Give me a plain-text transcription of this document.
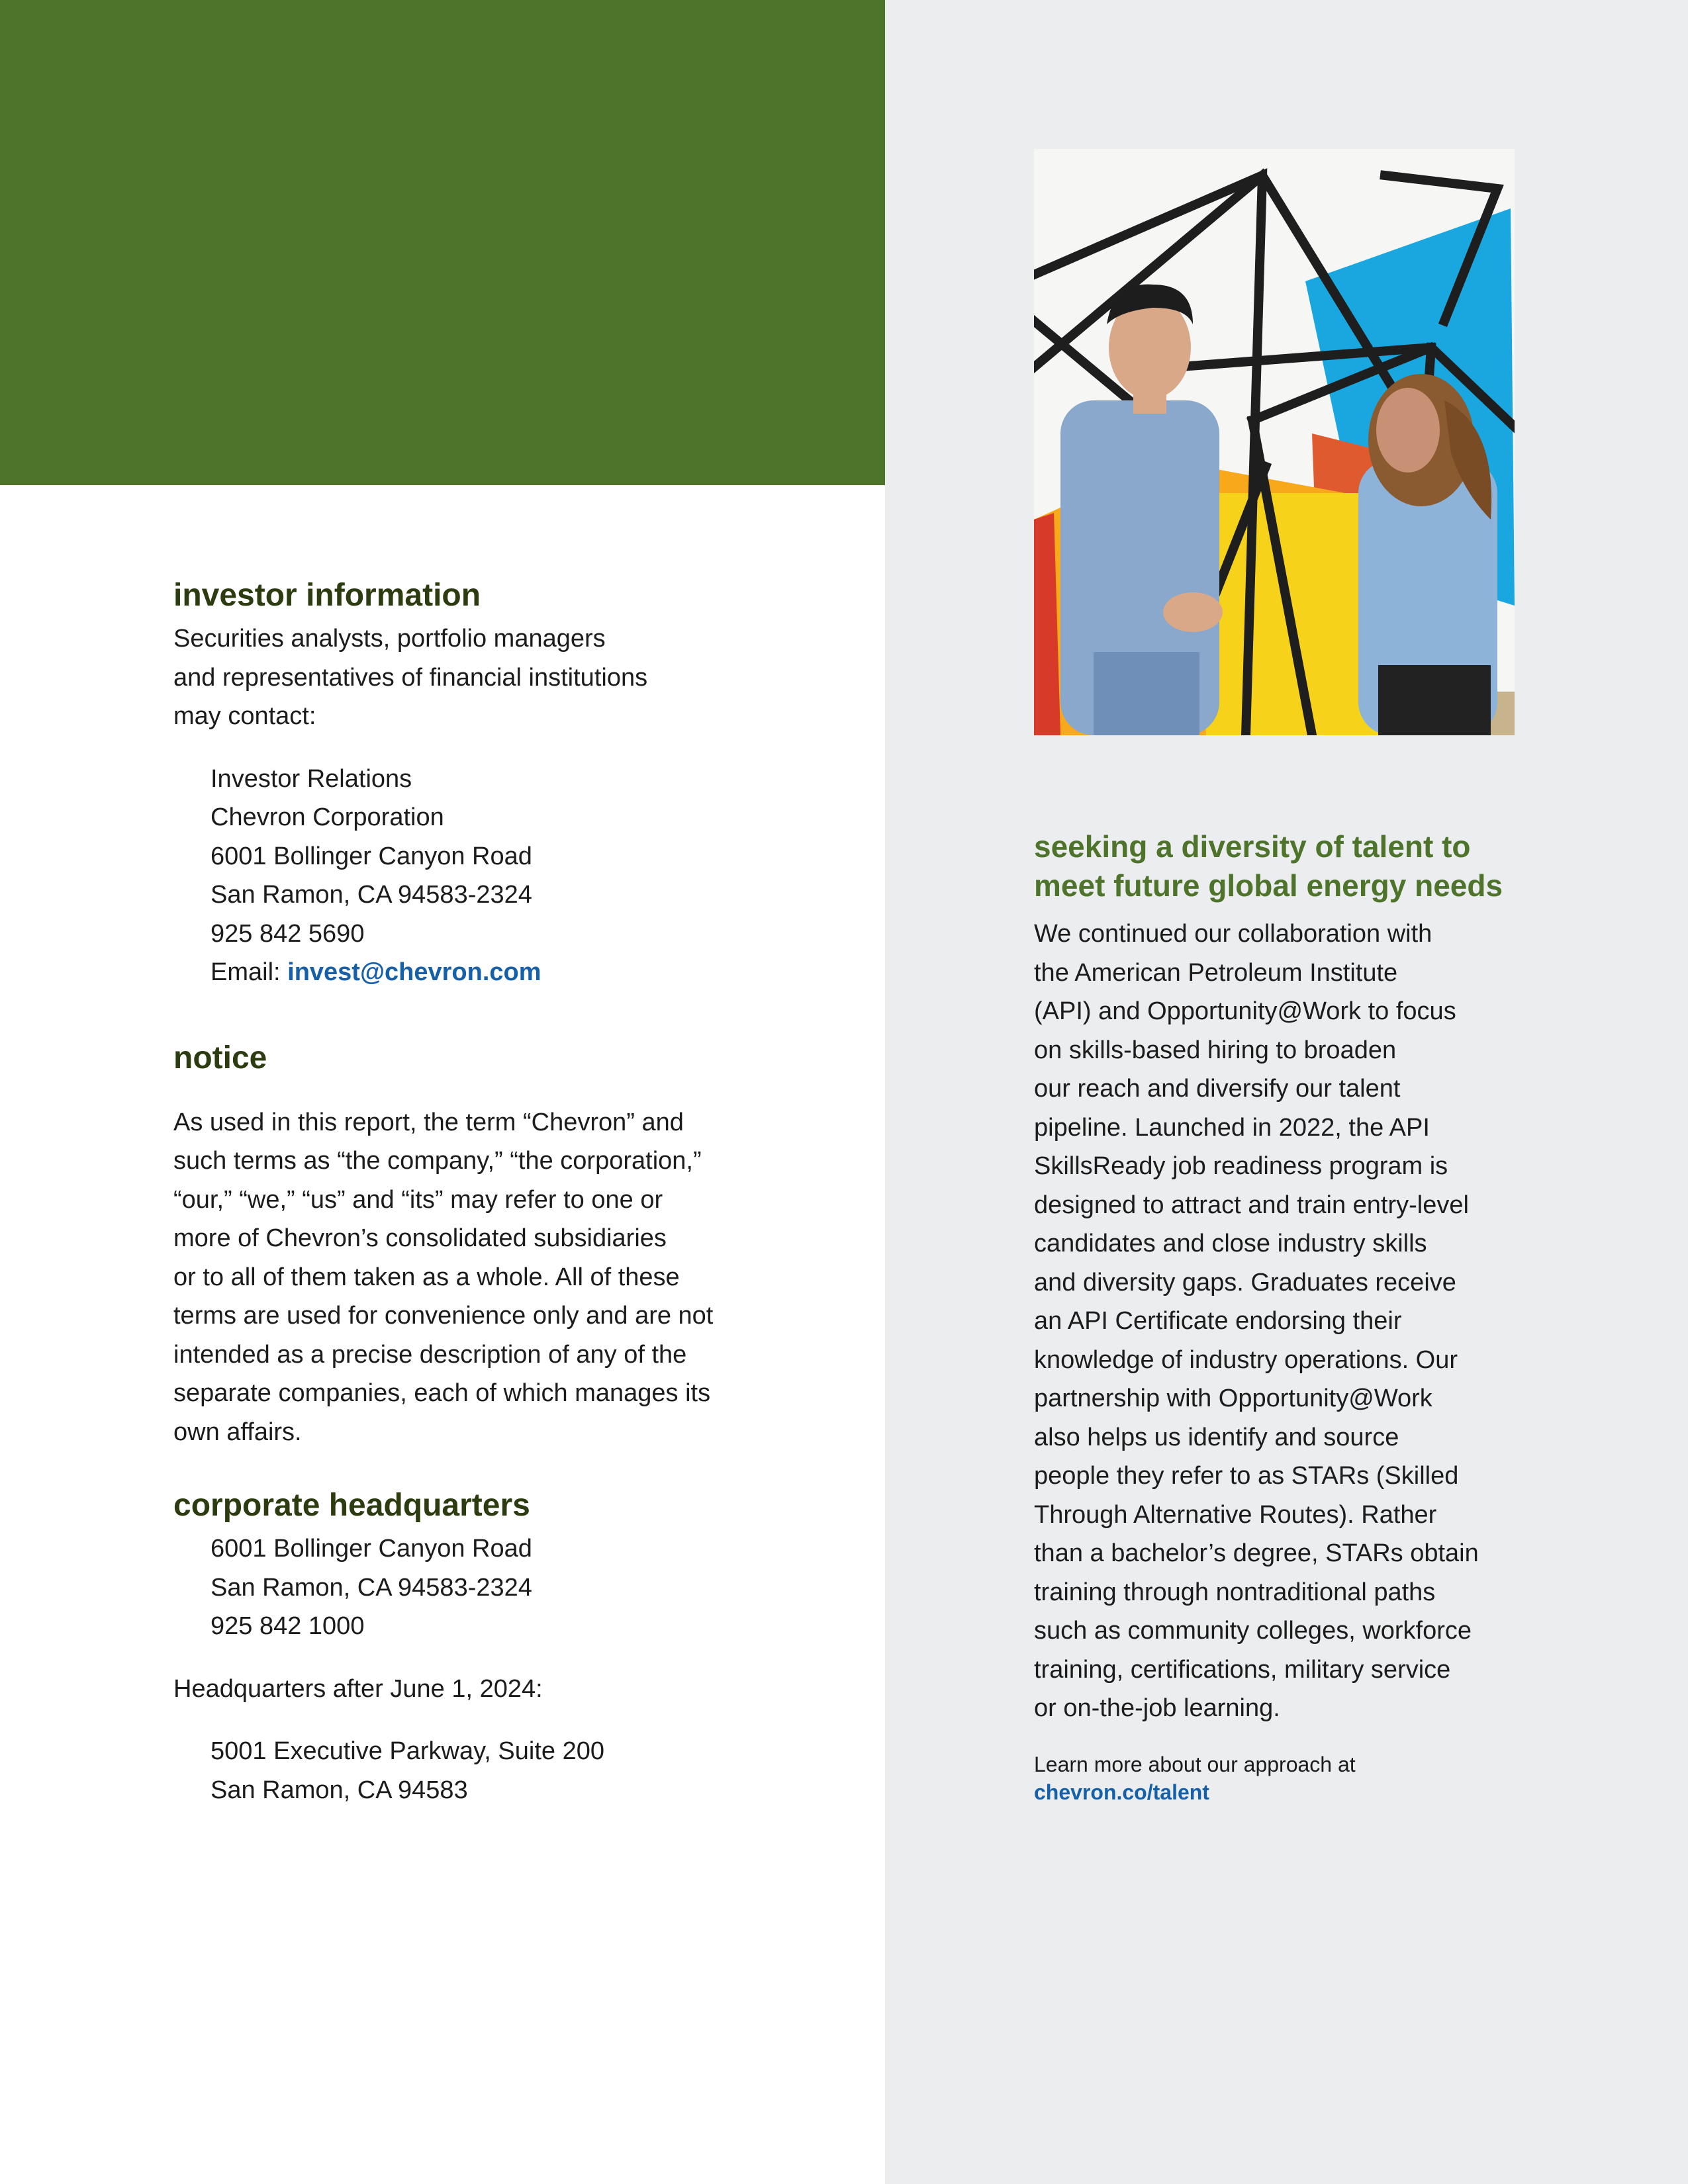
investor information

Securities analysts, portfolio managers
and representatives of financial institutions
may contact:

Investor Relations
Chevron Corporation
6001 Bollinger Canyon Road
San Ramon, CA 94583-2324
925 842 5690
Email: invest@chevron.com

notice

As used in this report, the term “Chevron” and
such terms as “the company,” “the corporation,”
“our,” “we,” “us” and “its” may refer to one or
more of Chevron’s consolidated subsidiaries
or to all of them taken as a whole. All of these
terms are used for convenience only and are not
intended as a precise description of any of the
separate companies, each of which manages its
own affairs.

corporate headquarters

6001 Bollinger Canyon Road
San Ramon, CA 94583-2324
925 842 1000

Headquarters after June 1, 2024:

5001 Executive Parkway, Suite 200
San Ramon, CA 94583

seeking a diversity of talent to
meet future global energy needs

We continued our collaboration with
the American Petroleum Institute
(API) and Opportunity@Work to focus
on skills-based hiring to broaden
our reach and diversify our talent
pipeline. Launched in 2022, the API
SkillsReady job readiness program is
designed to attract and train entry-level
candidates and close industry skills
and diversity gaps. Graduates receive
an API Certificate endorsing their
knowledge of industry operations. Our
partnership with Opportunity@Work
also helps us identify and source
people they refer to as STARs (Skilled
Through Alternative Routes). Rather
than a bachelor’s degree, STARs obtain
training through nontraditional paths
such as community colleges, workforce
training, certifications, military service
or on-the-job learning.

Learn more about our approach at
chevron.co/talent
